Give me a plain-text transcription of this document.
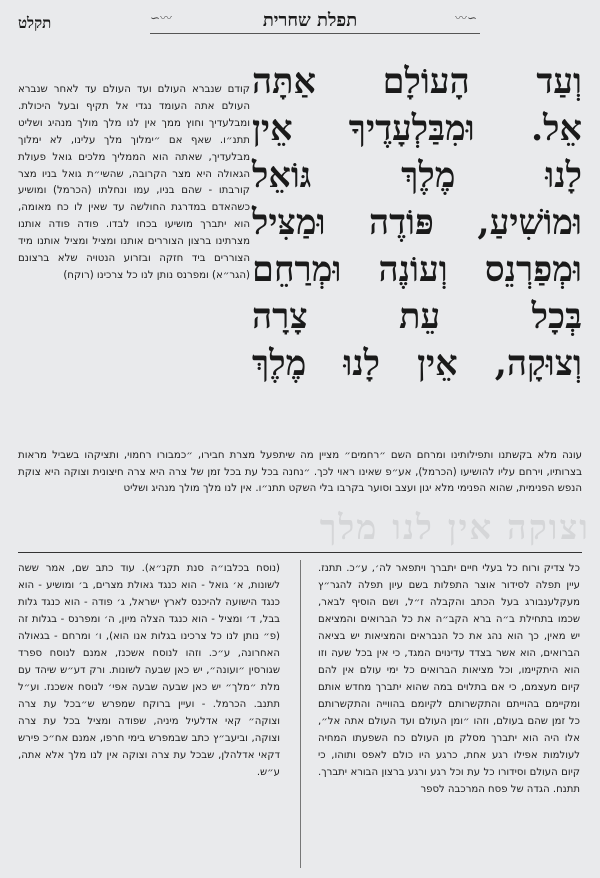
תקלט	∽〰	תפלת שחרית	〰∽
וְעַד הָעוֹלָם אַתָּה
אֵל. וּמִבַּלְעָדֶיךָ אֵין
לָנוּ מֶלֶךְ גּוֹאֵל
וּמוֹשִׁיעַ, פּוֹדֶה וּמַצִּיל
וּמְפַרְנֵס וְעוֹנֶה וּמְרַחֵם
בְּכָל עֵת צָרָה
וְצוּקָה, אֵין לָנוּ מֶלֶךְ
קודם שנברא העולם ועד העולם עד לאחר שנברא העולם אתה העומד נגדי אל תקיף ובעל היכולת. ומבלעדיך וחוץ ממך אין לנו מלך מולך מנהיג ושליט תתנ״ו. שאף אם ״ימלוך מלך עלינו, לא ימלוך מבלעדיך, שאתה הוא הממליך מלכים גואל פעולת הגאולה היא מצר הקרובה, שהשי״ת גואל בניו מצר קורבתו - שהם בניו, עמו ונחלתו (הכרמל) ומושיע כשהאדם במדרגת החולשה עד שאין לו כח מאומה, הוא יתברך מושיעו בכחו לבדו. פודה פודה אותנו מצרתינו ברצון הצוררים אותנו ומציל ומציל אותנו מיד הצוררים ביד חזקה ובזרוע הנטויה שלא ברצונם (הגר״א) ומפרנס נותן לנו כל צרכינו (רוקח)
עונה מלא בקשתנו ותפילותינו ומרחם השם ״רחמים״ מציין מה שיתפעל מצרת חבירו, ״כמבורו רחמוי, ותציקהו בשביל מראות בצרותיו, וירחם עליו להושיעו (הכרמל), אע״פ שאינו ראוי לכך. ״נחנה בכל עת בכל זמן של צרה היא צרה חיצונית וצוקה היא צוקת הנפש הפנימית, שהוא הפנימי מלא יגון ועצב וסוער בקרבו בלי השקט תתנ״ו. אין לנו מלך מולך מנהיג ושליט
וצוקה אין לנו מלך
כל צדיק ורוח כל בעלי חיים יתברך ויתפאר לה׳, ע״כ. תתנז. עיין תפלה לסידור אוצר התפלות בשם עיון תפלה להגר״ץ מעקלענבורג בעל הכתב והקבלה ז״ל, ושם הוסיף לבאר, שכמו בתחילת ב״ה ברא הקב״ה את כל הברואים והמציאם יש מאין, כך הוא נהג את כל הנבראים והמציאות יש בציאה הברואים, הוא אשר בצדד עדינוים המגד, כי אין בכל שעה וזו הוא היתקיימו, וכל מציאות הברואים כל ימי עולם אין להם קיום מעצמם, כי אם בתלוים במה שהוא יתברך מחדש אותם ומקיימם בהוייתם והתקשרותם לקיומם בהווייה והתקשרותם כל זמן שהם בעולם, וזהו ״ומן העולם ועד העולם אתה אל״, אלו היה הוא יתברך מסלק מן העולם כח השפעתו המחיה לעולמות אפילו רגע אחת, כרגע היו כולם לאפס ותוהו, כי קיום העולם וסידורו כל עת וכל רגע ורגע ברצון הבורא יתברך. תתנח. הגדה של פסח המרכבה לספר
(נוסח בכלבו״ה סנת תקנ״א). עוד כתב שם, אמר ששה לשונות, א׳ גואל - הוא כנגד גאולת מצרים, ב׳ ומושיע - הוא כנגד הישועה להיכנס לארץ ישראל, ג׳ פודה - הוא כנגד גלות בבל, ד׳ ומציל - הוא כנגד הצלה מיון, ה׳ ומפרנס - בגלות זה (פ״ נותן לנו כל צרכינו בגלות אנו הוא), ו׳ ומרחם - בגאולה האחרונה, ע״כ. וזהו לנוסח אשכנז, אמנם לנוסח ספרד שגורסין ״ועונה״, יש כאן שבעה לשונות. ורק דע״ש שיהד עם מלת ״מלך״ יש כאן שבעה שבעה אפי׳ לנוסח אשכנז. וע״ל תתנב. הכרמל. - ועיין ברוקח שמפרש ש״בכל עת צרה וצוקה״ קאי אדלעיל מיניה, שפודה ומציל בכל עת צרה וצוקה, וביעב״ץ כתב שבמפרש בימי חרפו, אמנם אח״כ פירש דקאי אדלהלן, שבכל עת צרה וצוקה אין לנו מלך אלא אתה, ע״ש.
